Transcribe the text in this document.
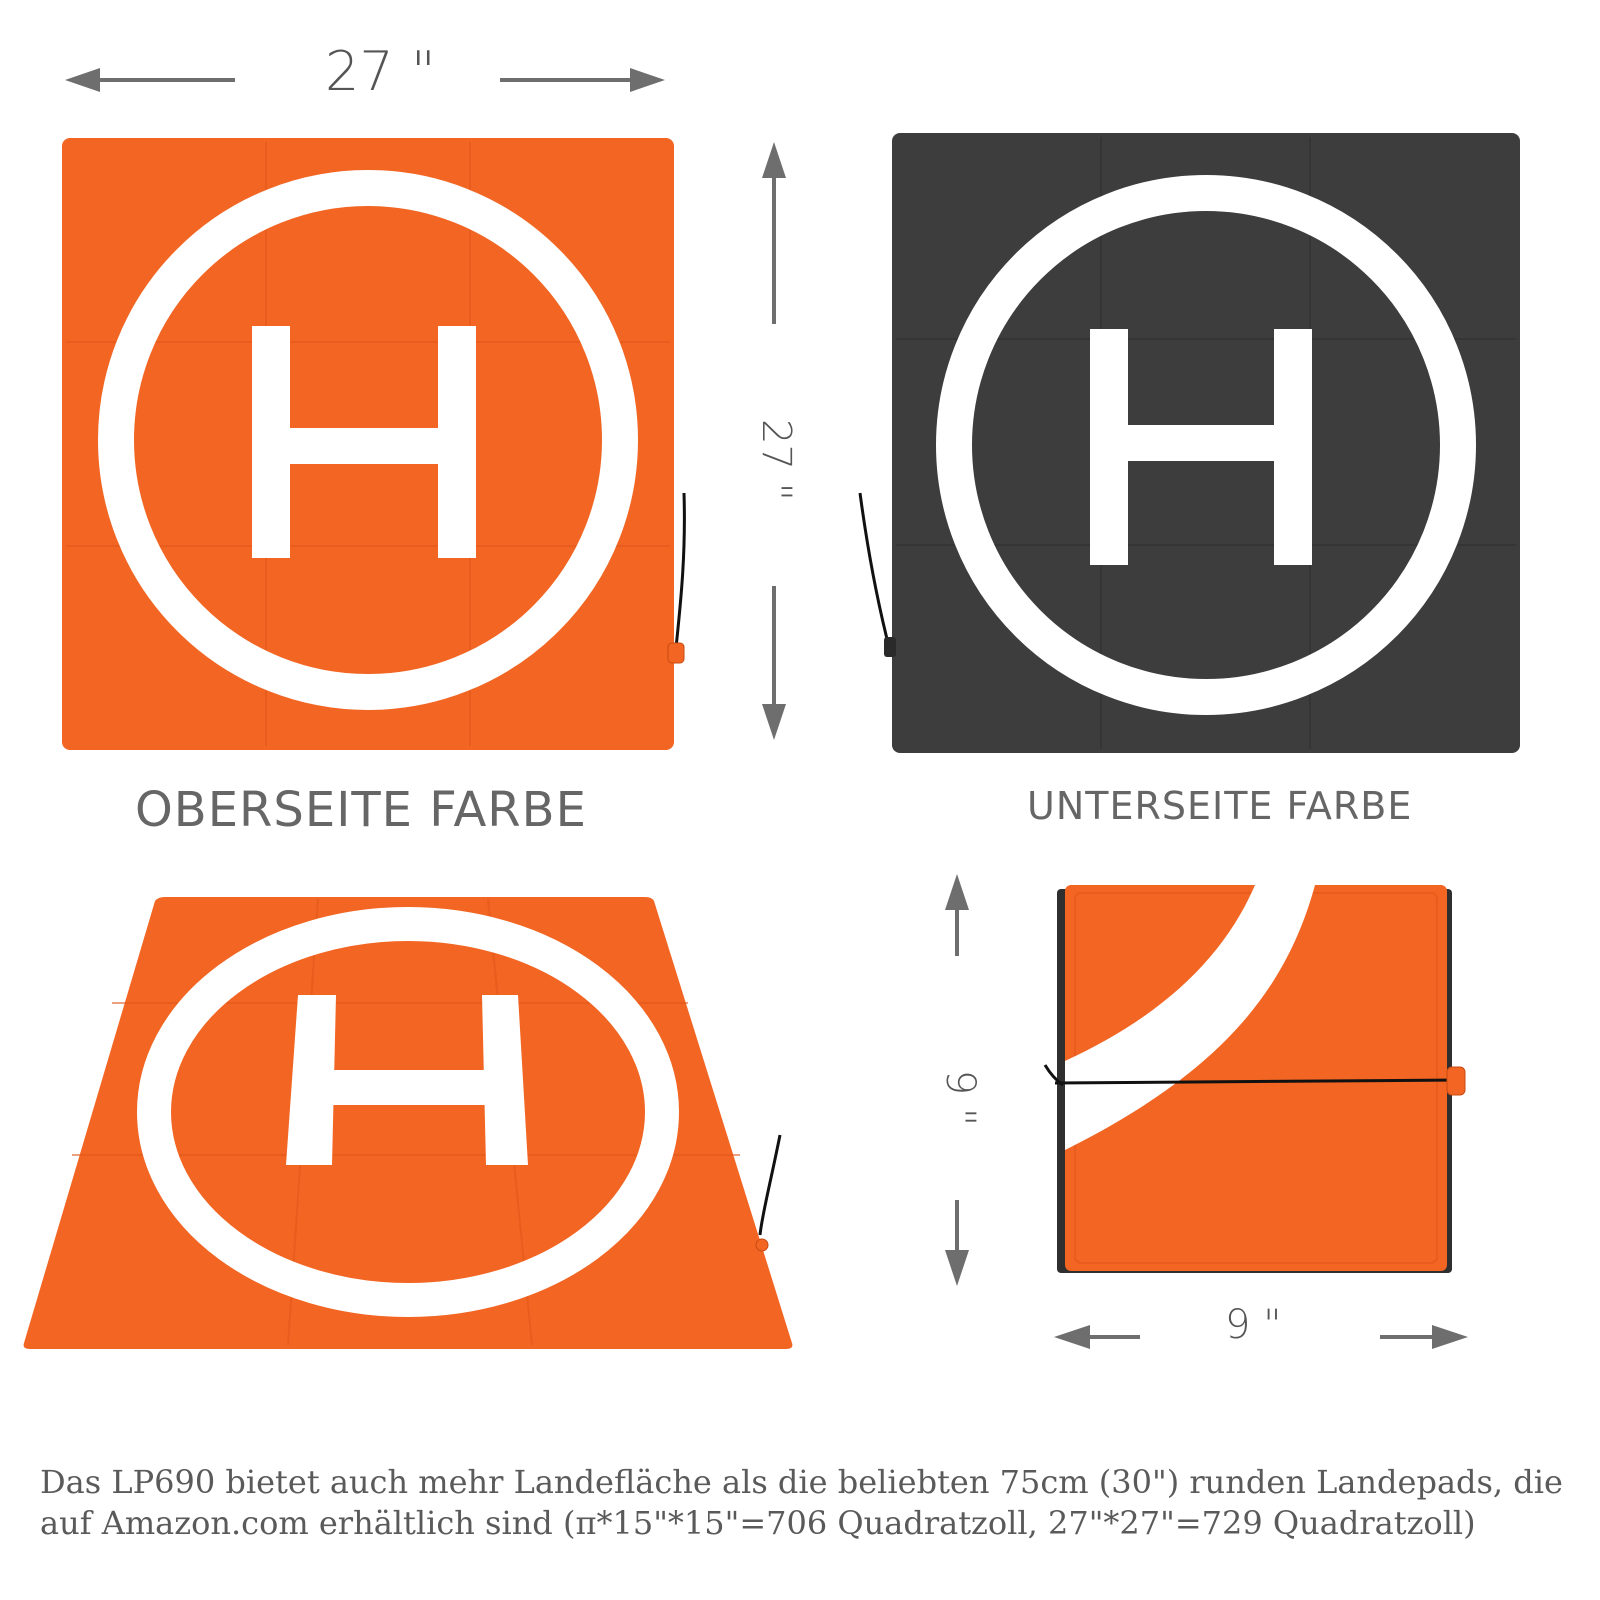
27 "
27 "
OBERSEITE FARBE	UNTERSEITE FARBE
9 "
9 "
Das LP690 bietet auch mehr Landefläche als die beliebten 75cm (30") runden Landepads, die auf Amazon.com erhältlich sind (π*15"*15"=706 Quadratzoll, 27"*27"=729 Quadratzoll)
